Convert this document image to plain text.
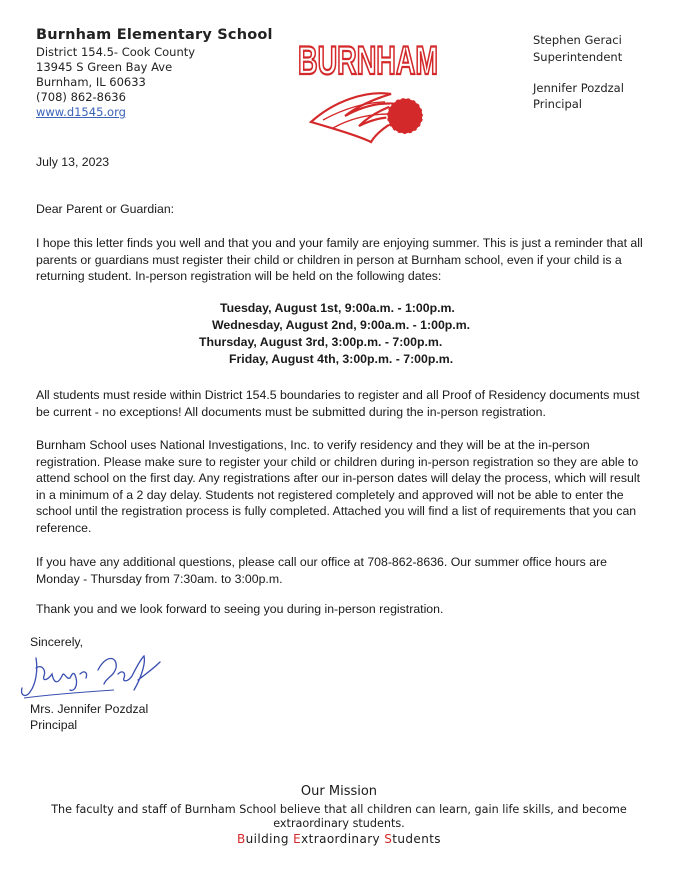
Burnham Elementary School
District 154.5- Cook County
13945 S Green Bay Ave
Burnham, IL 60633
(708) 862-8636
www.d1545.org
BURNHAM	Stephen Geraci
Superintendent
Jennifer Pozdzal
Principal
July 13, 2023
Dear Parent or Guardian:
I hope this letter finds you well and that you and your family are enjoying summer. This is just a reminder that all parents or guardians must register their child or children in person at Burnham school, even if your child is a returning student. In-person registration will be held on the following dates:
Tuesday, August 1st, 9:00a.m. - 1:00p.m.
Wednesday, August 2nd, 9:00a.m. - 1:00p.m.
Thursday, August 3rd, 3:00p.m. - 7:00p.m.
Friday, August 4th, 3:00p.m. - 7:00p.m.
All students must reside within District 154.5 boundaries to register and all Proof of Residency documents must be current - no exceptions! All documents must be submitted during the in-person registration.
Burnham School uses National Investigations, Inc. to verify residency and they will be at the in-person registration. Please make sure to register your child or children during in-person registration so they are able to attend school on the first day. Any registrations after our in-person dates will delay the process, which will result in a minimum of a 2 day delay. Students not registered completely and approved will not be able to enter the school until the registration process is fully completed. Attached you will find a list of requirements that you can reference.
If you have any additional questions, please call our office at 708-862-8636. Our summer office hours are Monday - Thursday from 7:30am. to 3:00p.m.
Thank you and we look forward to seeing you during in-person registration.
Sincerely,
Mrs. Jennifer Pozdzal
Principal
Our Mission
The faculty and staff of Burnham School believe that all children can learn, gain life skills, and become extraordinary students.
Building Extraordinary Students
